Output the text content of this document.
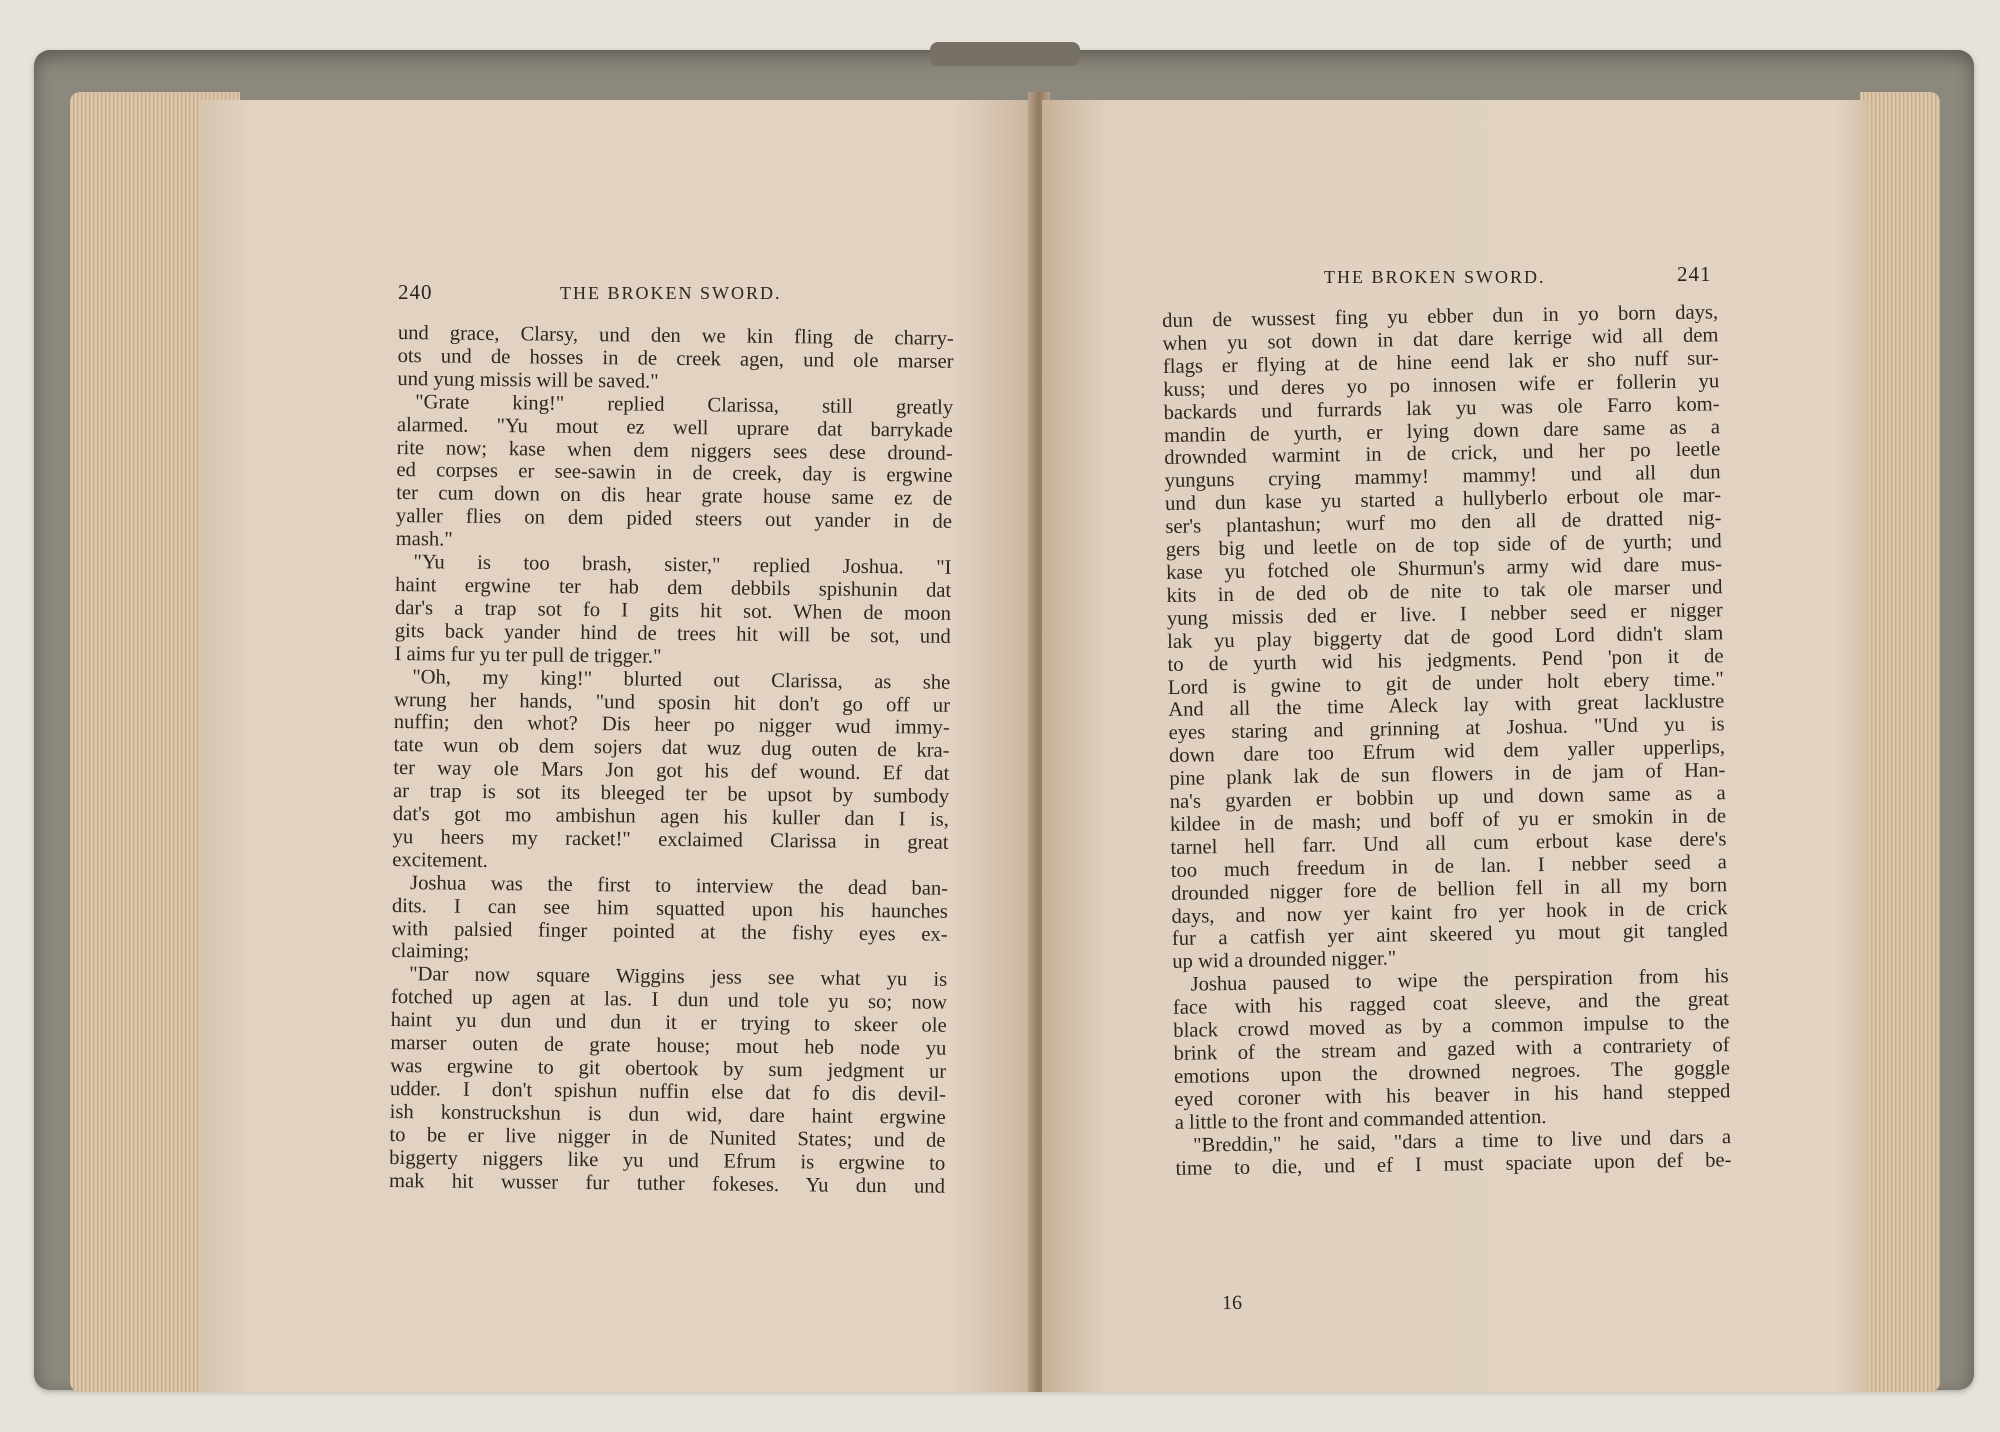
240	THE BROKEN SWORD.
und grace, Clarsy, und den we kin fling de charry-
ots und de hosses in de creek agen, und ole marser
und yung missis will be saved."
"Grate king!" replied Clarissa, still greatly
alarmed. "Yu mout ez well uprare dat barrykade
rite now; kase when dem niggers sees dese dround-
ed corpses er see-sawin in de creek, day is ergwine
ter cum down on dis hear grate house same ez de
yaller flies on dem pided steers out yander in de
mash."
"Yu is too brash, sister," replied Joshua. "I
haint ergwine ter hab dem debbils spishunin dat
dar's a trap sot fo I gits hit sot. When de moon
gits back yander hind de trees hit will be sot, und
I aims fur yu ter pull de trigger."
"Oh, my king!" blurted out Clarissa, as she
wrung her hands, "und sposin hit don't go off ur
nuffin; den whot? Dis heer po nigger wud immy-
tate wun ob dem sojers dat wuz dug outen de kra-
ter way ole Mars Jon got his def wound. Ef dat
ar trap is sot its bleeged ter be upsot by sumbody
dat's got mo ambishun agen his kuller dan I is,
yu heers my racket!" exclaimed Clarissa in great
excitement.
Joshua was the first to interview the dead ban-
dits. I can see him squatted upon his haunches
with palsied finger pointed at the fishy eyes ex-
claiming;
"Dar now square Wiggins jess see what yu is
fotched up agen at las. I dun und tole yu so; now
haint yu dun und dun it er trying to skeer ole
marser outen de grate house; mout heb node yu
was ergwine to git obertook by sum jedgment ur
udder. I don't spishun nuffin else dat fo dis devil-
ish konstruckshun is dun wid, dare haint ergwine
to be er live nigger in de Nunited States; und de
biggerty niggers like yu und Efrum is ergwine to
mak hit wusser fur tuther fokeses. Yu dun und
THE BROKEN SWORD.	241
dun de wussest fing yu ebber dun in yo born days,
when yu sot down in dat dare kerrige wid all dem
flags er flying at de hine eend lak er sho nuff sur-
kuss; und deres yo po innosen wife er follerin yu
backards und furrards lak yu was ole Farro kom-
mandin de yurth, er lying down dare same as a
drownded warmint in de crick, und her po leetle
yunguns crying mammy! mammy! und all dun
und dun kase yu started a hullyberlo erbout ole mar-
ser's plantashun; wurf mo den all de dratted nig-
gers big und leetle on de top side of de yurth; und
kase yu fotched ole Shurmun's army wid dare mus-
kits in de ded ob de nite to tak ole marser und
yung missis ded er live. I nebber seed er nigger
lak yu play biggerty dat de good Lord didn't slam
to de yurth wid his jedgments. Pend 'pon it de
Lord is gwine to git de under holt ebery time."
And all the time Aleck lay with great lacklustre
eyes staring and grinning at Joshua. "Und yu is
down dare too Efrum wid dem yaller upperlips,
pine plank lak de sun flowers in de jam of Han-
na's gyarden er bobbin up und down same as a
kildee in de mash; und boff of yu er smokin in de
tarnel hell farr. Und all cum erbout kase dere's
too much freedum in de lan. I nebber seed a
drounded nigger fore de bellion fell in all my born
days, and now yer kaint fro yer hook in de crick
fur a catfish yer aint skeered yu mout git tangled
up wid a drounded nigger."
Joshua paused to wipe the perspiration from his
face with his ragged coat sleeve, and the great
black crowd moved as by a common impulse to the
brink of the stream and gazed with a contrariety of
emotions upon the drowned negroes. The goggle
eyed coroner with his beaver in his hand stepped
a little to the front and commanded attention.
"Breddin," he said, "dars a time to live und dars a
time to die, und ef I must spaciate upon def be-
16
